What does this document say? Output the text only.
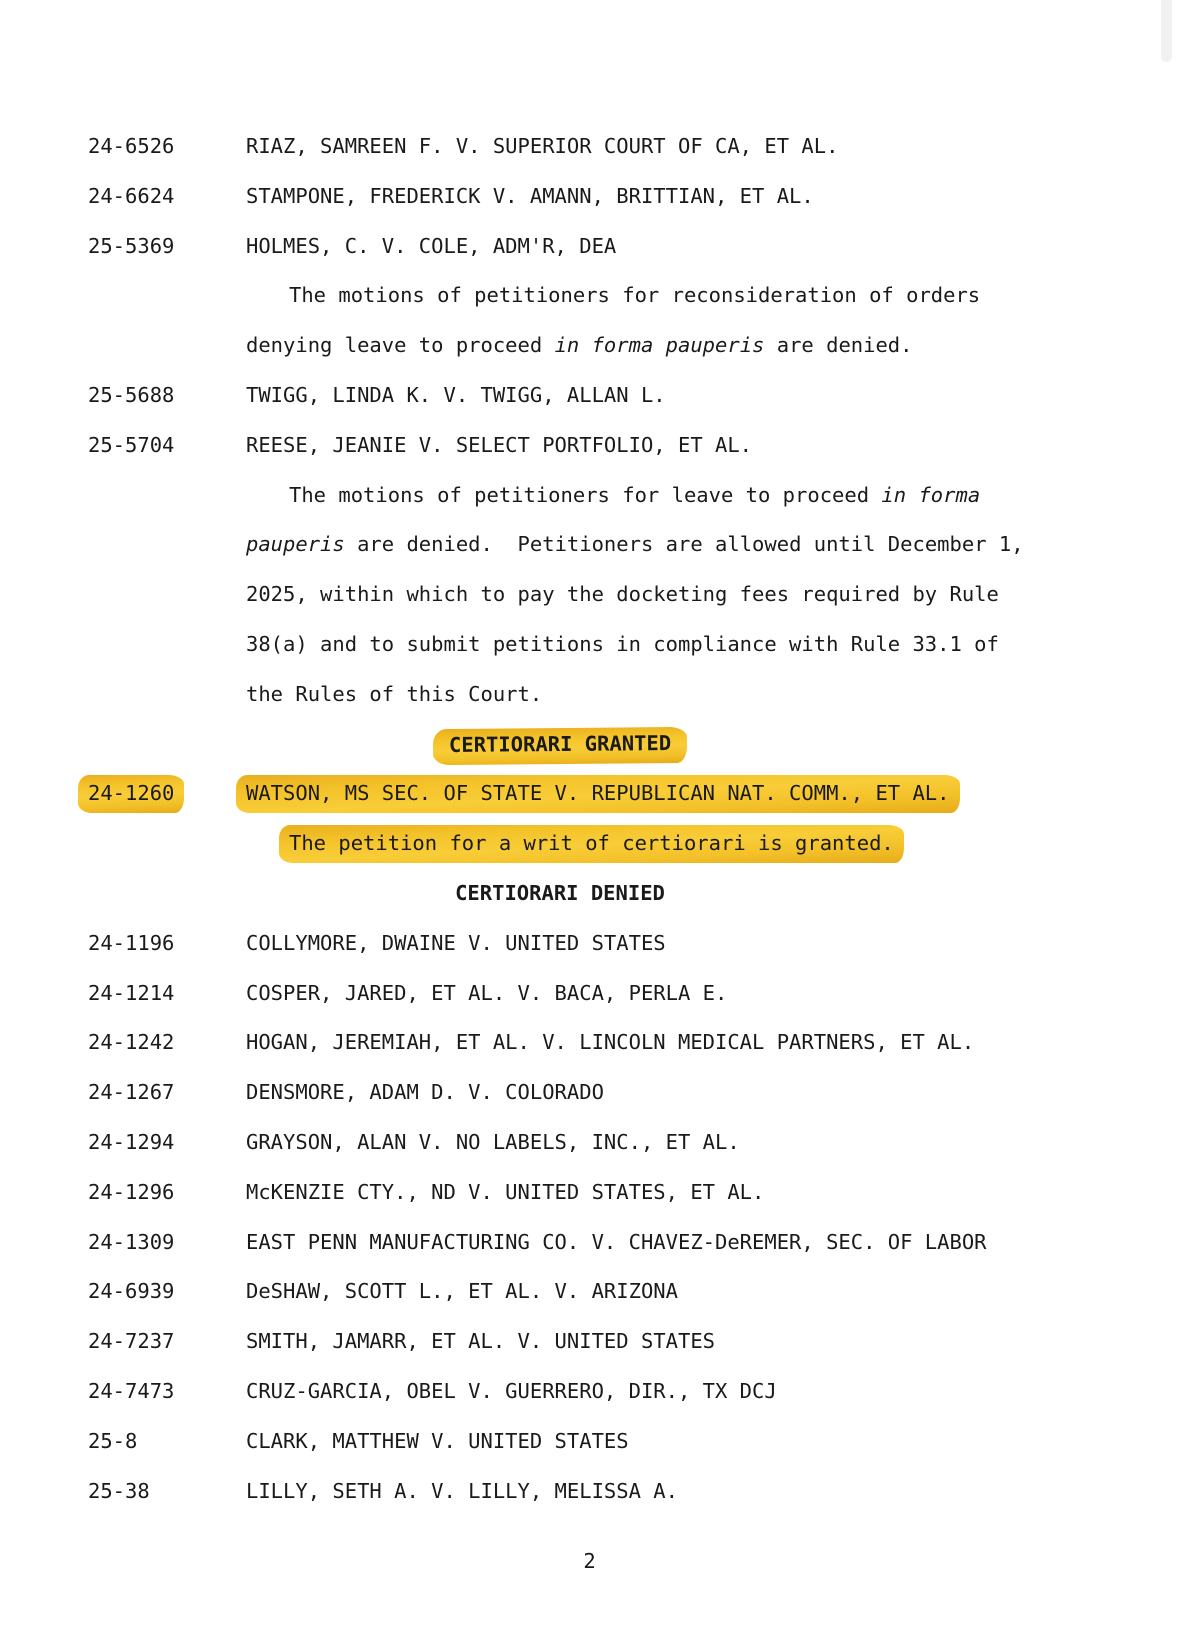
24-6526	RIAZ, SAMREEN F. V. SUPERIOR COURT OF CA, ET AL.
24-6624	STAMPONE, FREDERICK V. AMANN, BRITTIAN, ET AL.
25-5369	HOLMES, C. V. COLE, ADM'R, DEA
The motions of petitioners for reconsideration of orders
denying leave to proceed in forma pauperis are denied.
25-5688	TWIGG, LINDA K. V. TWIGG, ALLAN L.
25-5704	REESE, JEANIE V. SELECT PORTFOLIO, ET AL.
The motions of petitioners for leave to proceed in forma
pauperis are denied.  Petitioners are allowed until December 1,
2025, within which to pay the docketing fees required by Rule
38(a) and to submit petitions in compliance with Rule 33.1 of
the Rules of this Court.
CERTIORARI GRANTED
24-1260	WATSON, MS SEC. OF STATE V. REPUBLICAN NAT. COMM., ET AL.
The petition for a writ of certiorari is granted.
CERTIORARI DENIED
24-1196	COLLYMORE, DWAINE V. UNITED STATES
24-1214	COSPER, JARED, ET AL. V. BACA, PERLA E.
24-1242	HOGAN, JEREMIAH, ET AL. V. LINCOLN MEDICAL PARTNERS, ET AL.
24-1267	DENSMORE, ADAM D. V. COLORADO
24-1294	GRAYSON, ALAN V. NO LABELS, INC., ET AL.
24-1296	McKENZIE CTY., ND V. UNITED STATES, ET AL.
24-1309	EAST PENN MANUFACTURING CO. V. CHAVEZ-DeREMER, SEC. OF LABOR
24-6939	DeSHAW, SCOTT L., ET AL. V. ARIZONA
24-7237	SMITH, JAMARR, ET AL. V. UNITED STATES
24-7473	CRUZ-GARCIA, OBEL V. GUERRERO, DIR., TX DCJ
25-8	CLARK, MATTHEW V. UNITED STATES
25-38	LILLY, SETH A. V. LILLY, MELISSA A.
2
